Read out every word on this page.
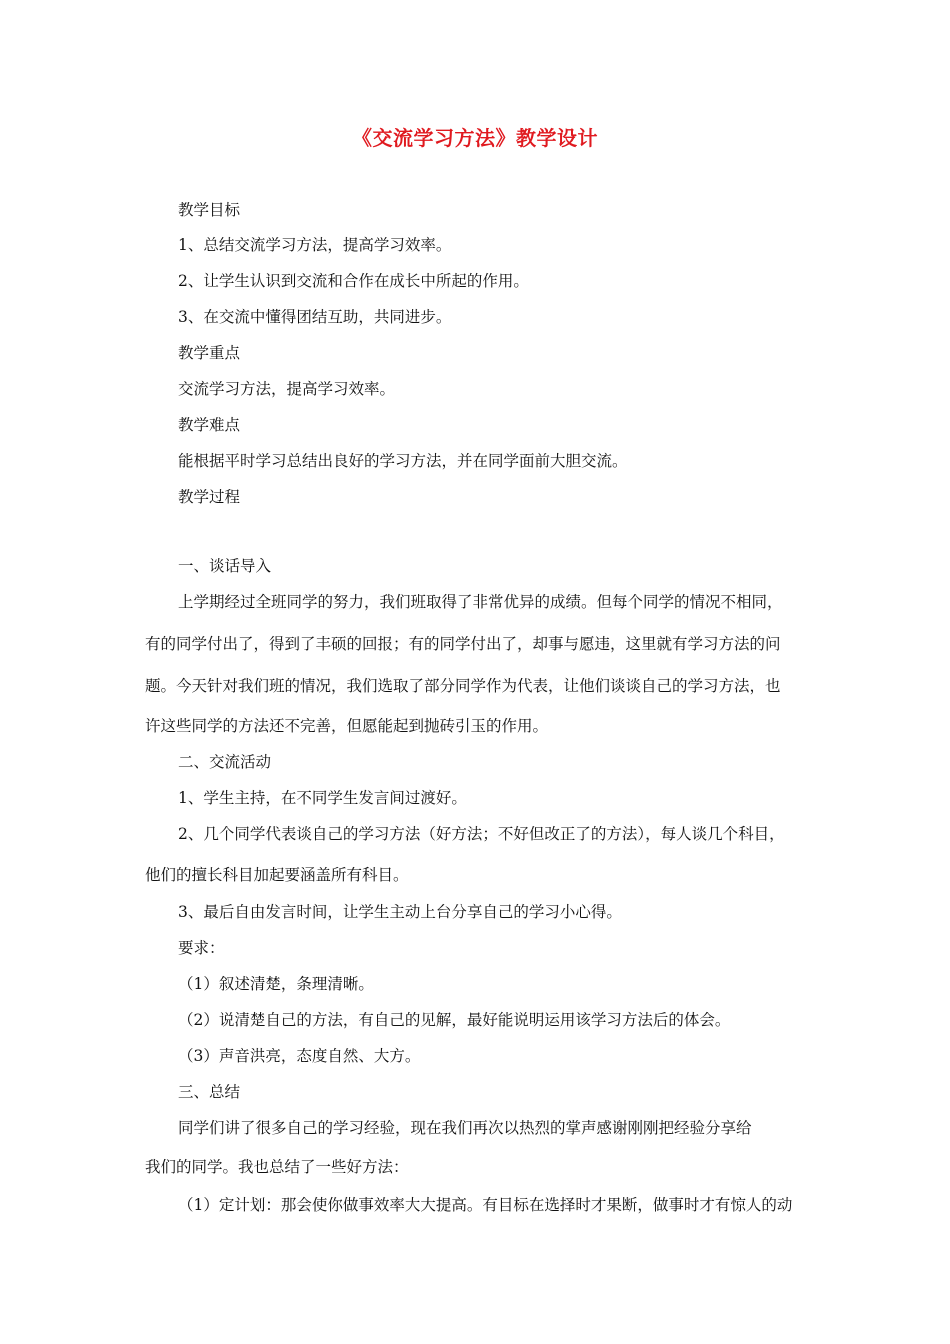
《交流学习方法》教学设计
教学目标
1、总结交流学习方法，提高学习效率。
2、让学生认识到交流和合作在成长中所起的作用。
3、在交流中懂得团结互助，共同进步。
教学重点
交流学习方法，提高学习效率。
教学难点
能根据平时学习总结出良好的学习方法，并在同学面前大胆交流。
教学过程
一、谈话导入
上学期经过全班同学的努力，我们班取得了非常优异的成绩。但每个同学的情况不相同，
有的同学付出了，得到了丰硕的回报；有的同学付出了，却事与愿违，这里就有学习方法的问
题。今天针对我们班的情况，我们选取了部分同学作为代表，让他们谈谈自己的学习方法，也
许这些同学的方法还不完善，但愿能起到抛砖引玉的作用。
二、交流活动
1、学生主持，在不同学生发言间过渡好。
2、几个同学代表谈自己的学习方法（好方法；不好但改正了的方法），每人谈几个科目，
他们的擅长科目加起要涵盖所有科目。
3、最后自由发言时间，让学生主动上台分享自己的学习小心得。
要求：
（1）叙述清楚，条理清晰。
（2）说清楚自己的方法，有自己的见解，最好能说明运用该学习方法后的体会。
（3）声音洪亮，态度自然、大方。
三、总结
同学们讲了很多自己的学习经验，现在我们再次以热烈的掌声感谢刚刚把经验分享给
我们的同学。我也总结了一些好方法：
（1）定计划：那会使你做事效率大大提高。有目标在选择时才果断，做事时才有惊人的动
